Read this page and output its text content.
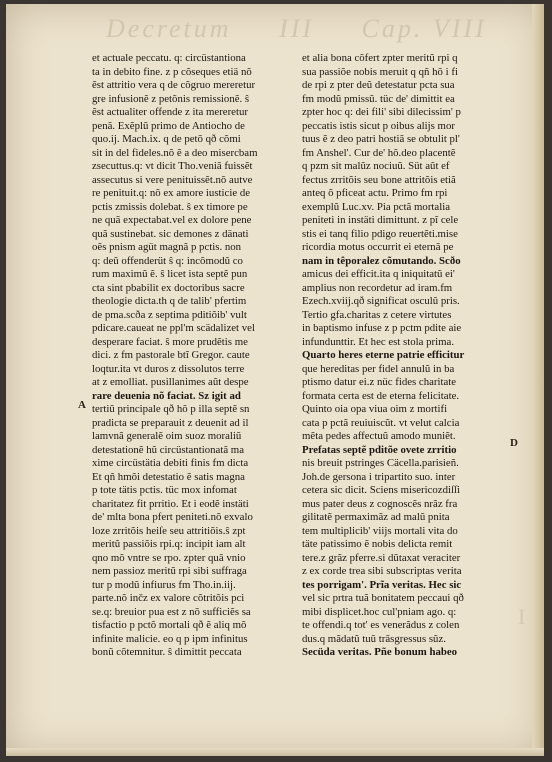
Decretum III Cap. VIII
et actuale peccatu. q: circüstantiona
ta in debito fine. z p cõseques etiä nõ
ẽst attritio vera q de cõgruo mereretur
gre infusionẽ z petõnis remissionẽ. ŝ
ẽst actualiter offende z ita mereretur
penã. Exẽplũ primo de Antiocho de
quo.ij. Mach.ix. q de petõ qð cõmi
sit in del fideles.nõ ẽ a deo misercbam
zsecuttus.q: vt dicit Tho.veniã fuissẽt
assecutus si vere penituissẽt.nõ autve
re penituit.q: nõ ex amore iusticie de
pctis zmissis dolebat. ŝ ex timore pe
ne quã expectabat.vel ex dolore pene
quã sustinebat. sic demones z dänati
oẽs pnism agüt magnã p pctis. non
q: deũ offenderüt ŝ q: incõmodũ co
rum maximũ ẽ. ŝ licet ista septẽ pun
cta sint pbabilit ex doctoribus sacre
theologie dicta.th q de talib' pfertim
de pma.scða z septima pditiõib' vult
pdicare.caueat ne ppl'm scädalizet vel
desperare faciat. ŝ more prudẽtis me
dici. z fm pastorale btĩ Gregor. caute
loqtur.ita vt duros z dissolutos terre
at z emolliat. pusillanimes aũt despe
rare deuenia nõ faciat. Sz igit ad
tertiũ principale qð hõ p illa septẽ sn
pradicta se preparauit z deuenit ad il
lamvnã generalẽ oim suoz moraliũ
detestationẽ hũ circüstantionatã ma
xime circüstätia debiti finis fm dicta
Et qñ hmõi detestatio ẽ satis magna
p tote tätis pctis. tüc mox infomat
charitatez fit prritio. Et i eodẽ instäti
de' mlta bona pfert peniteti.nõ exvalo
loze zrritõis heiſe seu attritiõis.ŝ zpt
meritũ passiõis rpi.q: incipit iam alt
qno mõ vntre se rpo. zpter quã vnio
nem passioz meritũ rpi sibi suffraga
tur p modũ infiurus fm Tho.in.iij.
parte.nõ inčz ex valore cõtritõis pci
se.q: breuior pua est z nõ sufficiẽs sa
tisfactio p pctõ mortali qð ẽ aliq mõ
infinite malicie. eo q p ipm infinitus
bonũ cõtemnitur. ŝ dimittit peccata
et alia bona cõfert zpter meritũ rpi q
sua passiõe nobis meruit q qñ hõ i fi
de rpi z pter deũ detestatur pcta sua
fm modũ pmissũ. tüc de' dimittit ea
zpter hoc q: dei fili' sibi dilecissim' p
peccatis istis sicut p oibus alijs mor
tuus ẽ z deo patri hostiã se obtulit pl'
fm Anshel'. Cur de' hõ.deo placentẽ
q pzm sit malũz nociuũ. Süt aũt ef
fectus zrritõis seu bone attritõis etiã
anteq õ pficeat actu. Primo fm rpi
exemplũ Luc.xv. Pia pctã mortalia
peniteti in instäti dimittunt. z pĩ cele
stis ei tanq filio pdigo reuertẽti.mise
ricordia motus occurrit ei eternã pe
nam in têporalez cõmutando. Scðo
amicus dei efficit.ita q iniquitatũ ei'
amplius non recordetur ad iram.fm
Ezech.xviij.qð significat osculũ pris.
Tertio gfa.charitas z cetere virtutes
in baptismo infuse z p pctm pdite aie
infundunttir. Et hec est stola prima.
Quarto heres eterne patrie efficitur
que hereditas per fidel annulũ in ba
ptismo datur ei.z nüc fides charitate
formata certa est de eterna felicitate.
Quinto oia opa viua oim z mortifi
cata p pctã reuiuiscũt. vt velut calcia
mẽta pedes affectuũ amodo muniẽt.
Prefatas septẽ pditõe ovete zrritio
nis breuit pstringes Cäcella.parisieñ.
Joh.de gersona i tripartito suo. inter
cetera sic dicit. Sciens misericozdiſſi
mus pater deus z cognoscẽs nrãz fra
gilitatẽ permaximãz ad malũ pnita
tem multiplicib' viijs mortali vita do
täte patissimo ẽ nobis delicta remit
tere.z grãz pferre.si dũtaxat veraciter
z ex corde trea sibi subscriptas verita
tes porrigam'. Prĩa veritas. Hec sic
vel sic prtra tuã bonitatem peccaui qð
mibi displicet.hoc cul'pniam ago. q:
te offendi.q tot' es venerãdus z colen
dus.q mãdatũ tuũ trãsgressus sũz.
Secüda veritas. Pñe bonum habeo
A
D
I
